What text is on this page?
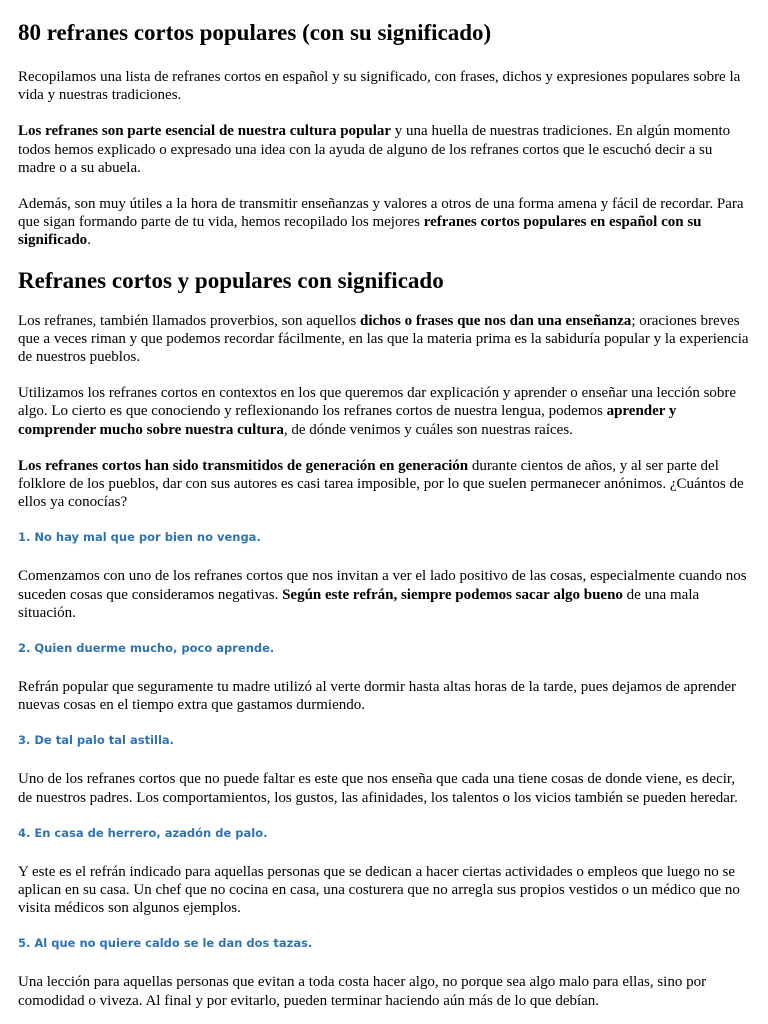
80 refranes cortos populares (con su significado)

Recopilamos una lista de refranes cortos en español y su significado, con frases, dichos y expresiones populares sobre la vida y nuestras tradiciones.

Los refranes son parte esencial de nuestra cultura popular y una huella de nuestras tradiciones. En algún momento todos hemos explicado o expresado una idea con la ayuda de alguno de los refranes cortos que le escuchó decir a su madre o a su abuela.

Además, son muy útiles a la hora de transmitir enseñanzas y valores a otros de una forma amena y fácil de recordar. Para que sigan formando parte de tu vida, hemos recopilado los mejores refranes cortos populares en español con su significado.

Refranes cortos y populares con significado

Los refranes, también llamados proverbios, son aquellos dichos o frases que nos dan una enseñanza; oraciones breves que a veces riman y que podemos recordar fácilmente, en las que la materia prima es la sabiduría popular y la experiencia de nuestros pueblos.

Utilizamos los refranes cortos en contextos en los que queremos dar explicación y aprender o enseñar una lección sobre algo. Lo cierto es que conociendo y reflexionando los refranes cortos de nuestra lengua, podemos aprender y comprender mucho sobre nuestra cultura, de dónde venimos y cuáles son nuestras raíces.

Los refranes cortos han sido transmitidos de generación en generación durante cientos de años, y al ser parte del folklore de los pueblos, dar con sus autores es casi tarea imposible, por lo que suelen permanecer anónimos. ¿Cuántos de ellos ya conocías?

1. No hay mal que por bien no venga.

Comenzamos con uno de los refranes cortos que nos invitan a ver el lado positivo de las cosas, especialmente cuando nos suceden cosas que consideramos negativas. Según este refrán, siempre podemos sacar algo bueno de una mala situación.

2. Quien duerme mucho, poco aprende.

Refrán popular que seguramente tu madre utilizó al verte dormir hasta altas horas de la tarde, pues dejamos de aprender nuevas cosas en el tiempo extra que gastamos durmiendo.

3. De tal palo tal astilla.

Uno de los refranes cortos que no puede faltar es este que nos enseña que cada una tiene cosas de donde viene, es decir, de nuestros padres. Los comportamientos, los gustos, las afinidades, los talentos o los vicios también se pueden heredar.

4. En casa de herrero, azadón de palo.

Y este es el refrán indicado para aquellas personas que se dedican a hacer ciertas actividades o empleos que luego no se aplican en su casa. Un chef que no cocina en casa, una costurera que no arregla sus propios vestidos o un médico que no visita médicos son algunos ejemplos.

5. Al que no quiere caldo se le dan dos tazas.

Una lección para aquellas personas que evitan a toda costa hacer algo, no porque sea algo malo para ellas, sino por comodidad o viveza. Al final y por evitarlo, pueden terminar haciendo aún más de lo que debían.
